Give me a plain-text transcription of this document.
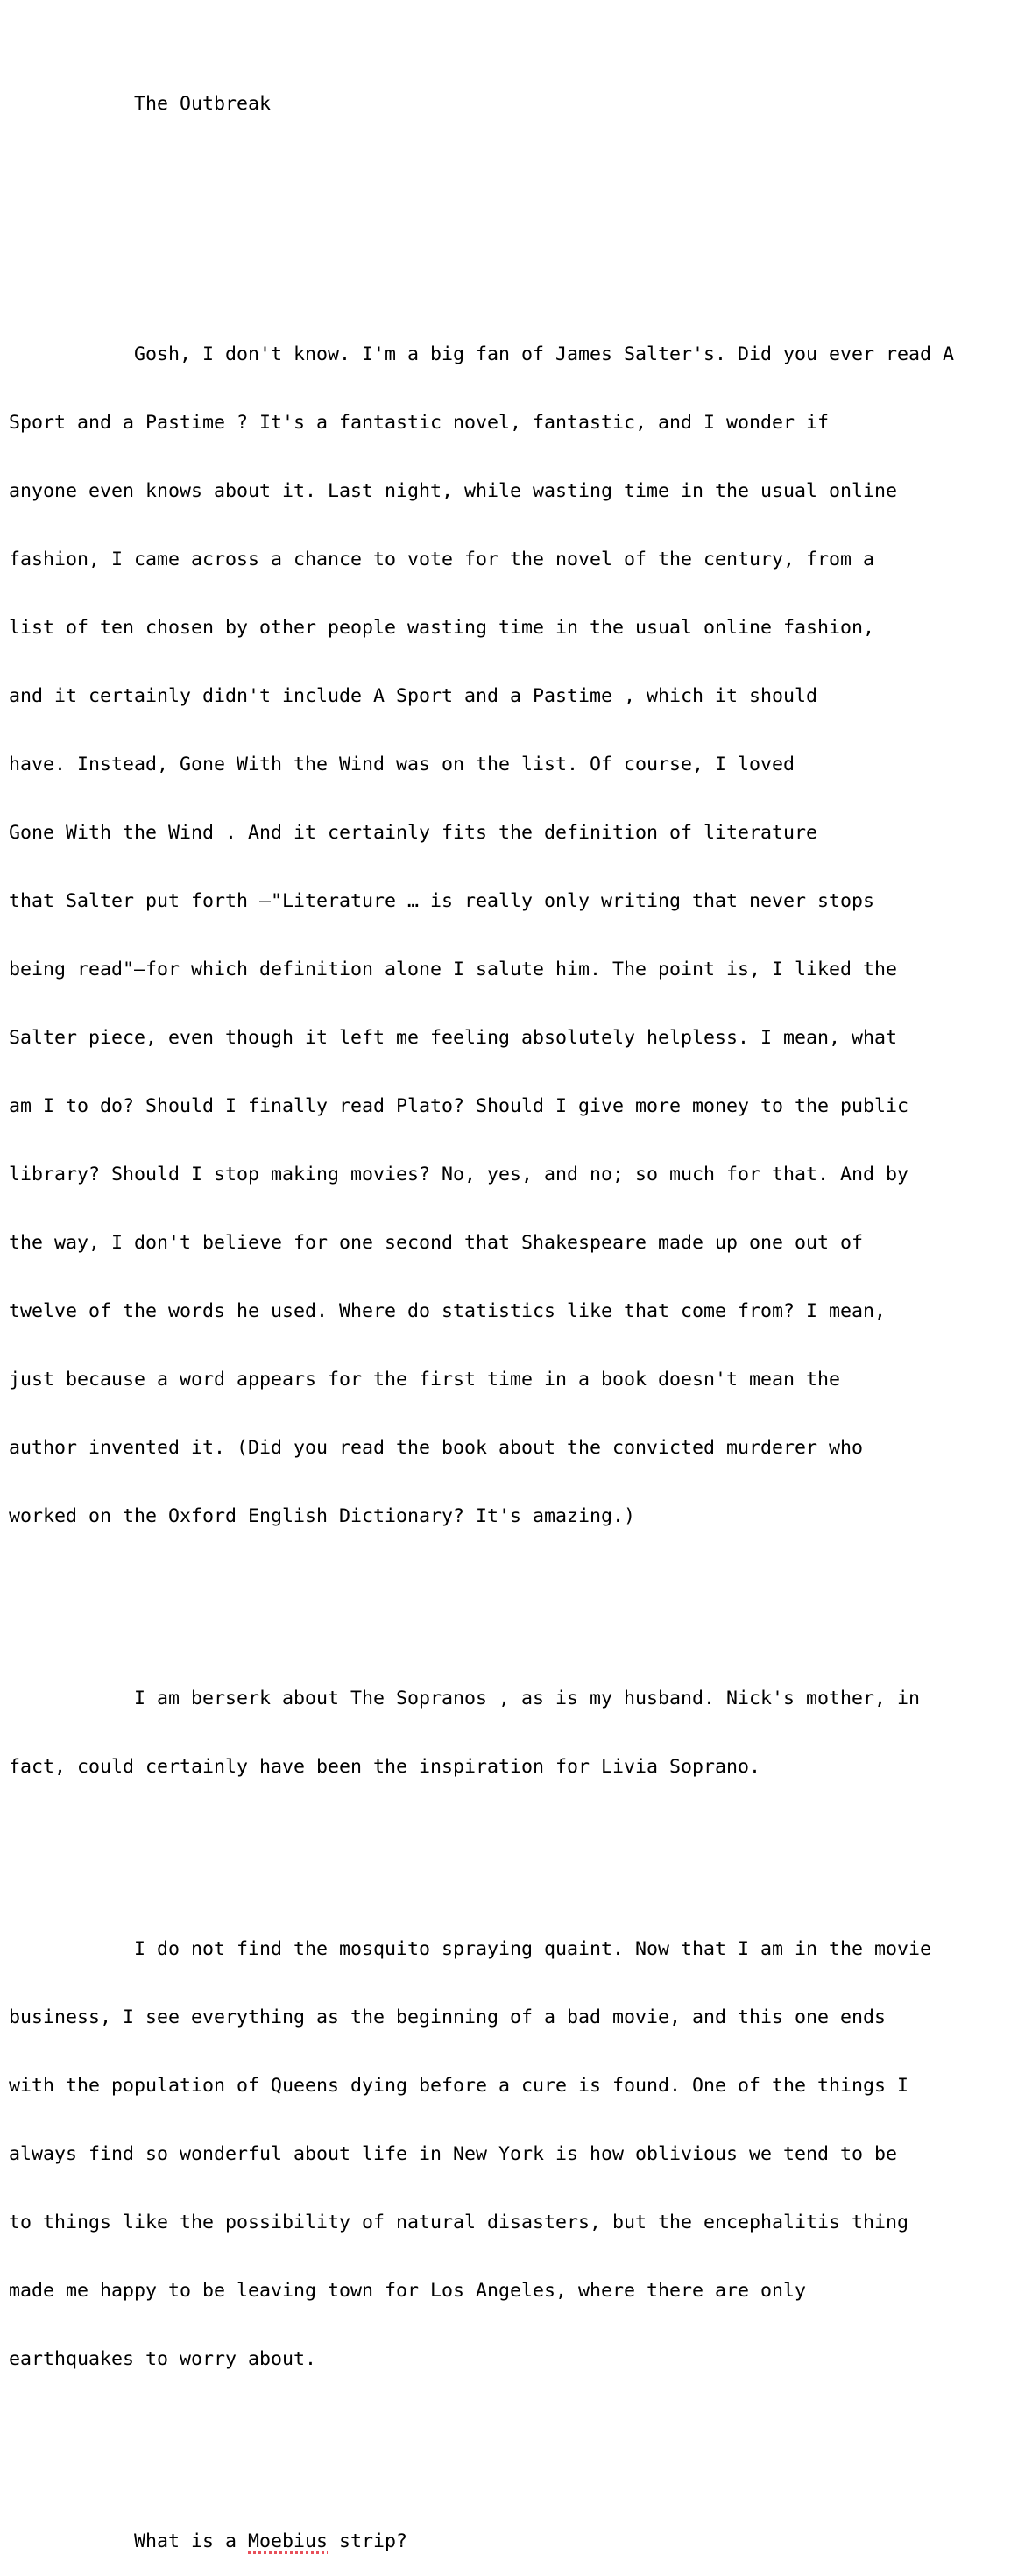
The Outbreak

Gosh, I don't know. I'm a big fan of James Salter's. Did you ever read A

Sport and a Pastime ? It's a fantastic novel, fantastic, and I wonder if

anyone even knows about it. Last night, while wasting time in the usual online

fashion, I came across a chance to vote for the novel of the century, from a

list of ten chosen by other people wasting time in the usual online fashion,

and it certainly didn't include A Sport and a Pastime , which it should

have. Instead, Gone With the Wind was on the list. Of course, I loved

Gone With the Wind . And it certainly fits the definition of literature

that Salter put forth —"Literature … is really only writing that never stops

being read"—for which definition alone I salute him. The point is, I liked the

Salter piece, even though it left me feeling absolutely helpless. I mean, what

am I to do? Should I finally read Plato? Should I give more money to the public

library? Should I stop making movies? No, yes, and no; so much for that. And by

the way, I don't believe for one second that Shakespeare made up one out of

twelve of the words he used. Where do statistics like that come from? I mean,

just because a word appears for the first time in a book doesn't mean the

author invented it. (Did you read the book about the convicted murderer who

worked on the Oxford English Dictionary? It's amazing.)

I am berserk about The Sopranos , as is my husband. Nick's mother, in

fact, could certainly have been the inspiration for Livia Soprano.

I do not find the mosquito spraying quaint. Now that I am in the movie

business, I see everything as the beginning of a bad movie, and this one ends

with the population of Queens dying before a cure is found. One of the things I

always find so wonderful about life in New York is how oblivious we tend to be

to things like the possibility of natural disasters, but the encephalitis thing

made me happy to be leaving town for Los Angeles, where there are only

earthquakes to worry about.

What is a Moebius strip?
